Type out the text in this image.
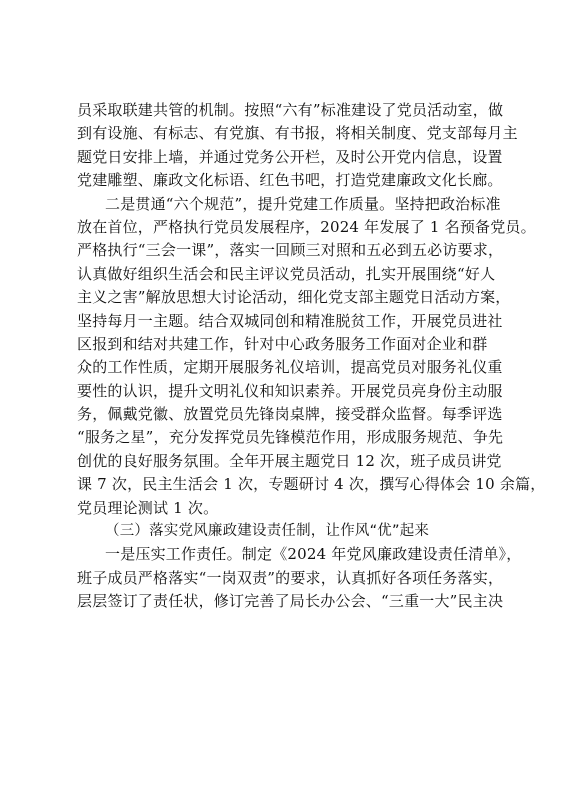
员采取联建共管的机制。按照“六有”标准建设了党员活动室，做
到有设施、有标志、有党旗、有书报，将相关制度、党支部每月主
题党日安排上墙，并通过党务公开栏，及时公开党内信息，设置
党建雕塑、廉政文化标语、红色书吧，打造党建廉政文化长廊。
二是贯通“六个规范”，提升党建工作质量。坚持把政治标准
放在首位，严格执行党员发展程序，2024 年发展了 1 名预备党员。
严格执行“三会一课”，落实一回顾三对照和五必到五必访要求，
认真做好组织生活会和民主评议党员活动，扎实开展围绕“好人
主义之害”解放思想大讨论活动，细化党支部主题党日活动方案，
坚持每月一主题。结合双城同创和精准脱贫工作，开展党员进社
区报到和结对共建工作，针对中心政务服务工作面对企业和群
众的工作性质，定期开展服务礼仪培训，提高党员对服务礼仪重
要性的认识，提升文明礼仪和知识素养。开展党员亮身份主动服
务，佩戴党徽、放置党员先锋岗桌牌，接受群众监督。每季评选
“服务之星”，充分发挥党员先锋模范作用，形成服务规范、争先
创优的良好服务氛围。全年开展主题党日 12 次，班子成员讲党
课 7 次，民主生活会 1 次，专题研讨 4 次，撰写心得体会 10 余篇，
党员理论测试 1 次。
（三）落实党风廉政建设责任制，让作风“优”起来
一是压实工作责任。制定《2024 年党风廉政建设责任清单》，
班子成员严格落实“一岗双责”的要求，认真抓好各项任务落实，
层层签订了责任状，修订完善了局长办公会、“三重一大”民主决
